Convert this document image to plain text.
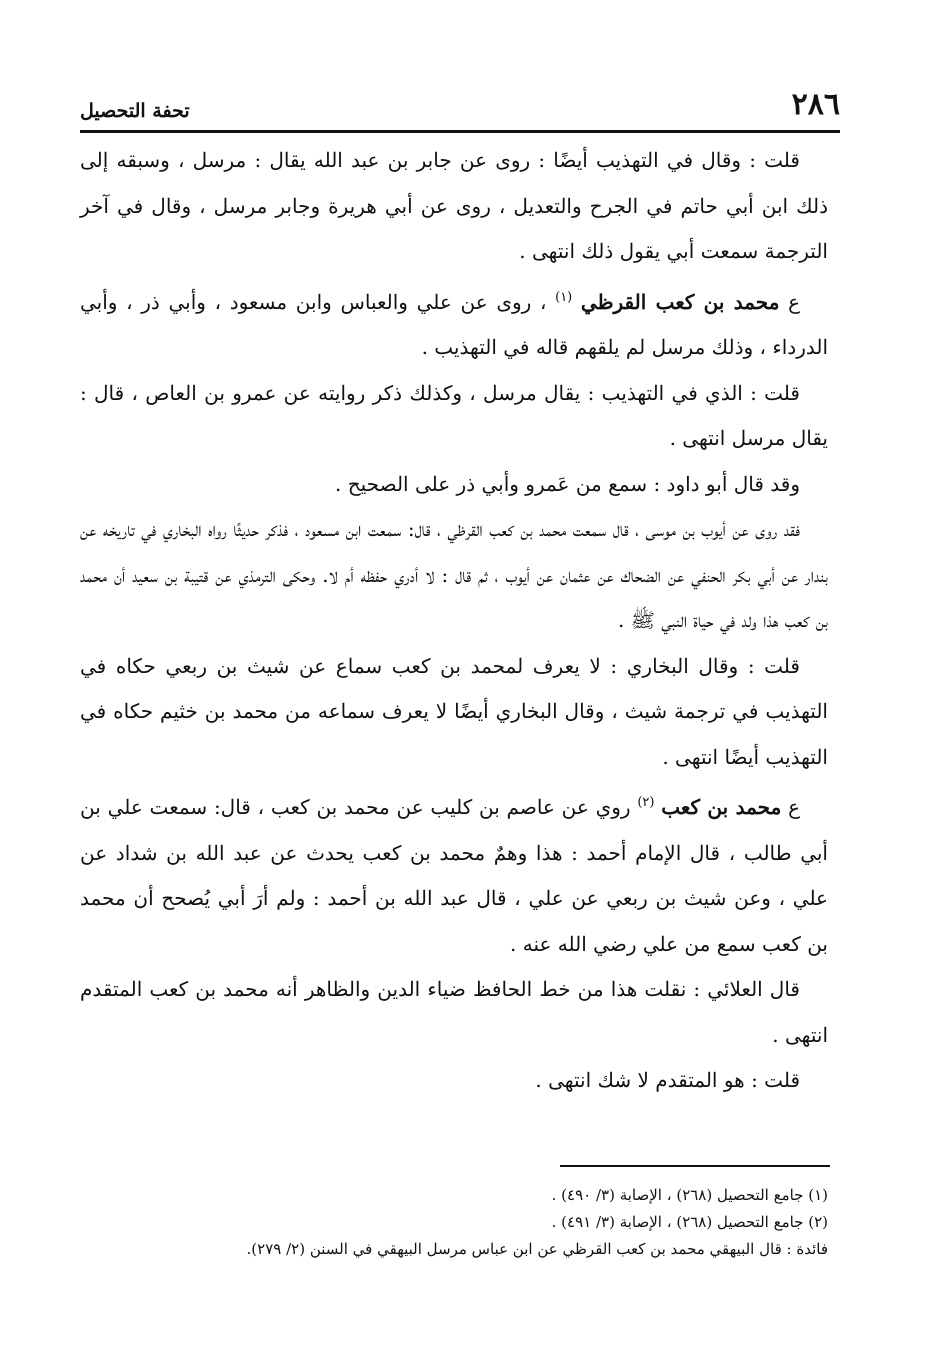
٢٨٦
تحفة التحصيل

قلت : وقال في التهذيب أيضًا : روى عن جابر بن عبد الله يقال : مرسل ، وسبقه إلى ذلك ابن أبي حاتم في الجرح والتعديل ، روى عن أبي هريرة وجابر مرسل ، وقال في آخر الترجمة سمعت أبي يقول ذلك انتهى .

ع محمد بن كعب القرظي $^{(١)}$ ، روى عن علي والعباس وابن مسعود ، وأبي ذر ، وأبي الدرداء ، وذلك مرسل لم يلقهم قاله في التهذيب .

قلت : الذي في التهذيب : يقال مرسل ، وكذلك ذكر روايته عن عمرو بن العاص ، قال : يقال مرسل انتهى .

وقد قال أبو داود : سمع من عَمرو وأبي ذر على الصحيح .

فقد روى عن أيوب بن موسى ، قال سمعت محمد بن كعب القرظي ، قال: سمعت ابن مسعود ، فذكر حديثًا رواه البخاري في تاريخه عن بندار عن أبي بكر الحنفي عن الضحاك عن عثمان عن أيوب ، ثم قال : لا أدري حفظه أم لا. وحكى الترمذي عن قتيبة بن سعيد أن محمد بن كعب هذا ولد في حياة النبي ﷺ .

قلت : وقال البخاري : لا يعرف لمحمد بن كعب سماع عن شيث بن ربعي حكاه في التهذيب في ترجمة شيث ، وقال البخاري أيضًا لا يعرف سماعه من محمد بن خثيم حكاه في التهذيب أيضًا انتهى .

ع محمد بن كعب $^{(٢)}$ روي عن عاصم بن كليب عن محمد بن كعب ، قال: سمعت علي بن أبي طالب ، قال الإمام أحمد : هذا وهمٌ محمد بن كعب يحدث عن عبد الله بن شداد عن علي ، وعن شيث بن ربعي عن علي ، قال عبد الله بن أحمد : ولم أرَ أبي يُصحح أن محمد بن كعب سمع من علي رضي الله عنه .

قال العلائي : نقلت هذا من خط الحافظ ضياء الدين والظاهر أنه محمد بن كعب المتقدم انتهى .

قلت : هو المتقدم لا شك انتهى .

(١) جامع التحصيل (٢٦٨) ، الإصابة (٣/ ٤٩٠) .

(٢) جامع التحصيل (٢٦٨) ، الإصابة (٣/ ٤٩١) .

فائدة : قال البيهقي محمد بن كعب القرظي عن ابن عباس مرسل البيهقي في السنن (٢/ ٢٧٩).
